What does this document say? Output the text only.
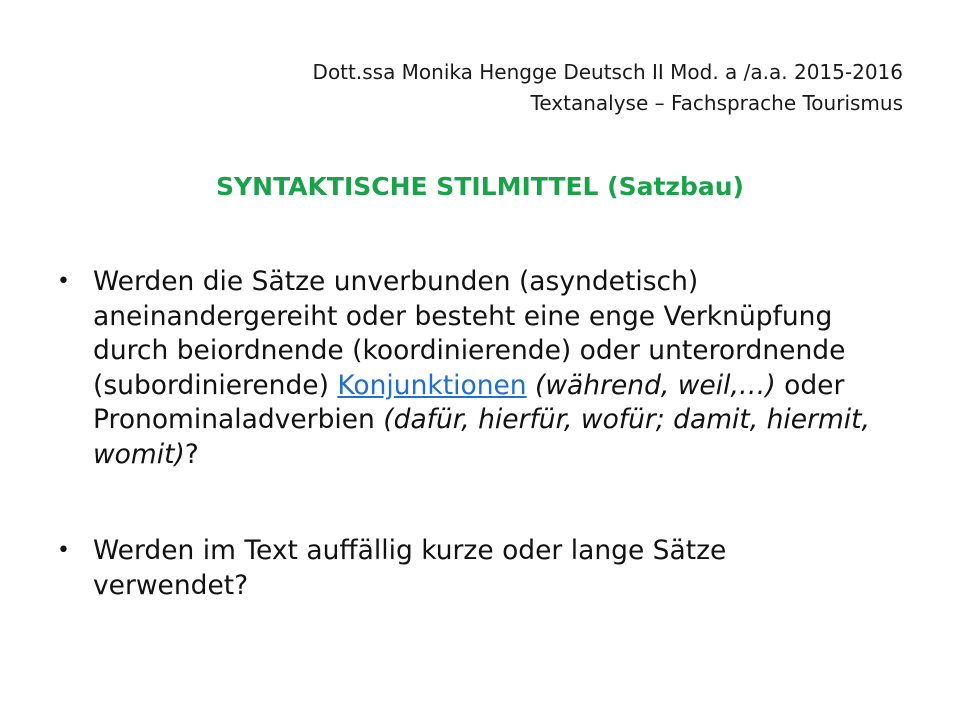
Dott.ssa Monika Hengge Deutsch II Mod. a /a.a. 2015-2016
Textanalyse – Fachsprache Tourismus
SYNTAKTISCHE STILMITTEL (Satzbau)
• Werden die Sätze unverbunden (asyndetisch) aneinandergereiht oder besteht eine enge Verknüpfung durch beiordnende (koordinierende) oder unterordnende (subordinierende) Konjunktionen (während, weil,…) oder Pronominaladverbien (dafür, hierfür, wofür; damit, hiermit, womit)?
• Werden im Text auffällig kurze oder lange Sätze verwendet?
